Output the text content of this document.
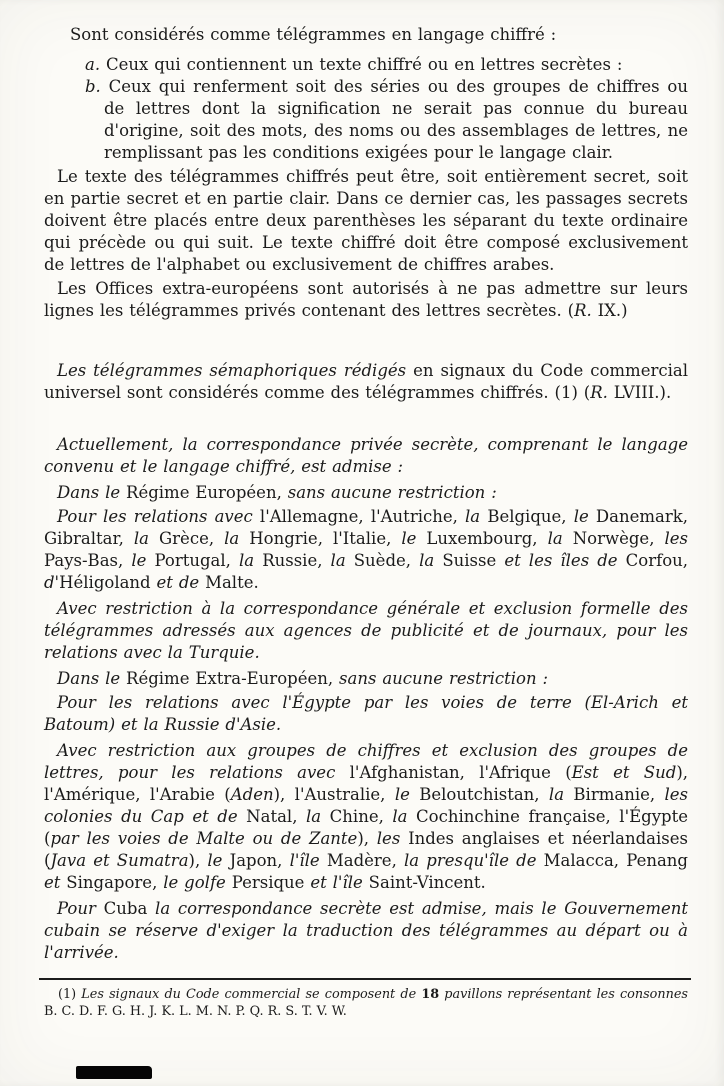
Sont considérés comme télégrammes en langage chiffré :

a. Ceux qui contiennent un texte chiffré ou en lettres secrètes :

b. Ceux qui renferment soit des séries ou des groupes de chiffres ou de lettres dont la signification ne serait pas connue du bureau d'origine, soit des mots, des noms ou des assemblages de lettres, ne remplissant pas les conditions exigées pour le langage clair.

Le texte des télégrammes chiffrés peut être, soit entièrement secret, soit en partie secret et en partie clair. Dans ce dernier cas, les passages secrets doivent être placés entre deux parenthèses les séparant du texte ordinaire qui précède ou qui suit. Le texte chiffré doit être composé exclusivement de lettres de l'alphabet ou exclusivement de chiffres arabes.

Les Offices extra-européens sont autorisés à ne pas admettre sur leurs lignes les télégrammes privés contenant des lettres secrètes. (R. IX.)

Les télégrammes sémaphoriques rédigés en signaux du Code commercial universel sont considérés comme des télégrammes chiffrés. (1) (R. LVIII.).

Actuellement, la correspondance privée secrète, comprenant le langage convenu et le langage chiffré, est admise :

Dans le Régime Européen, sans aucune restriction :

Pour les relations avec l'Allemagne, l'Autriche, la Belgique, le Danemark, Gibraltar, la Grèce, la Hongrie, l'Italie, le Luxembourg, la Norwège, les Pays-Bas, le Portugal, la Russie, la Suède, la Suisse et les îles de Corfou, d'Héligoland et de Malte.

Avec restriction à la correspondance générale et exclusion formelle des télégrammes adressés aux agences de publicité et de journaux, pour les relations avec la Turquie.

Dans le Régime Extra-Européen, sans aucune restriction :

Pour les relations avec l'Égypte par les voies de terre (El-Arich et Batoum) et la Russie d'Asie.

Avec restriction aux groupes de chiffres et exclusion des groupes de lettres, pour les relations avec l'Afghanistan, l'Afrique (Est et Sud), l'Amérique, l'Arabie (Aden), l'Australie, le Beloutchistan, la Birmanie, les colonies du Cap et de Natal, la Chine, la Cochinchine française, l'Égypte (par les voies de Malte ou de Zante), les Indes anglaises et néerlandaises (Java et Sumatra), le Japon, l'île Madère, la presqu'île de Malacca, Penang et Singapore, le golfe Persique et l'île Saint-Vincent.

Pour Cuba la correspondance secrète est admise, mais le Gouvernement cubain se réserve d'exiger la traduction des télégrammes au départ ou à l'arrivée.

(1) Les signaux du Code commercial se composent de 18 pavillons représentant les consonnes B. C. D. F. G. H. J. K. L. M. N. P. Q. R. S. T. V. W.
